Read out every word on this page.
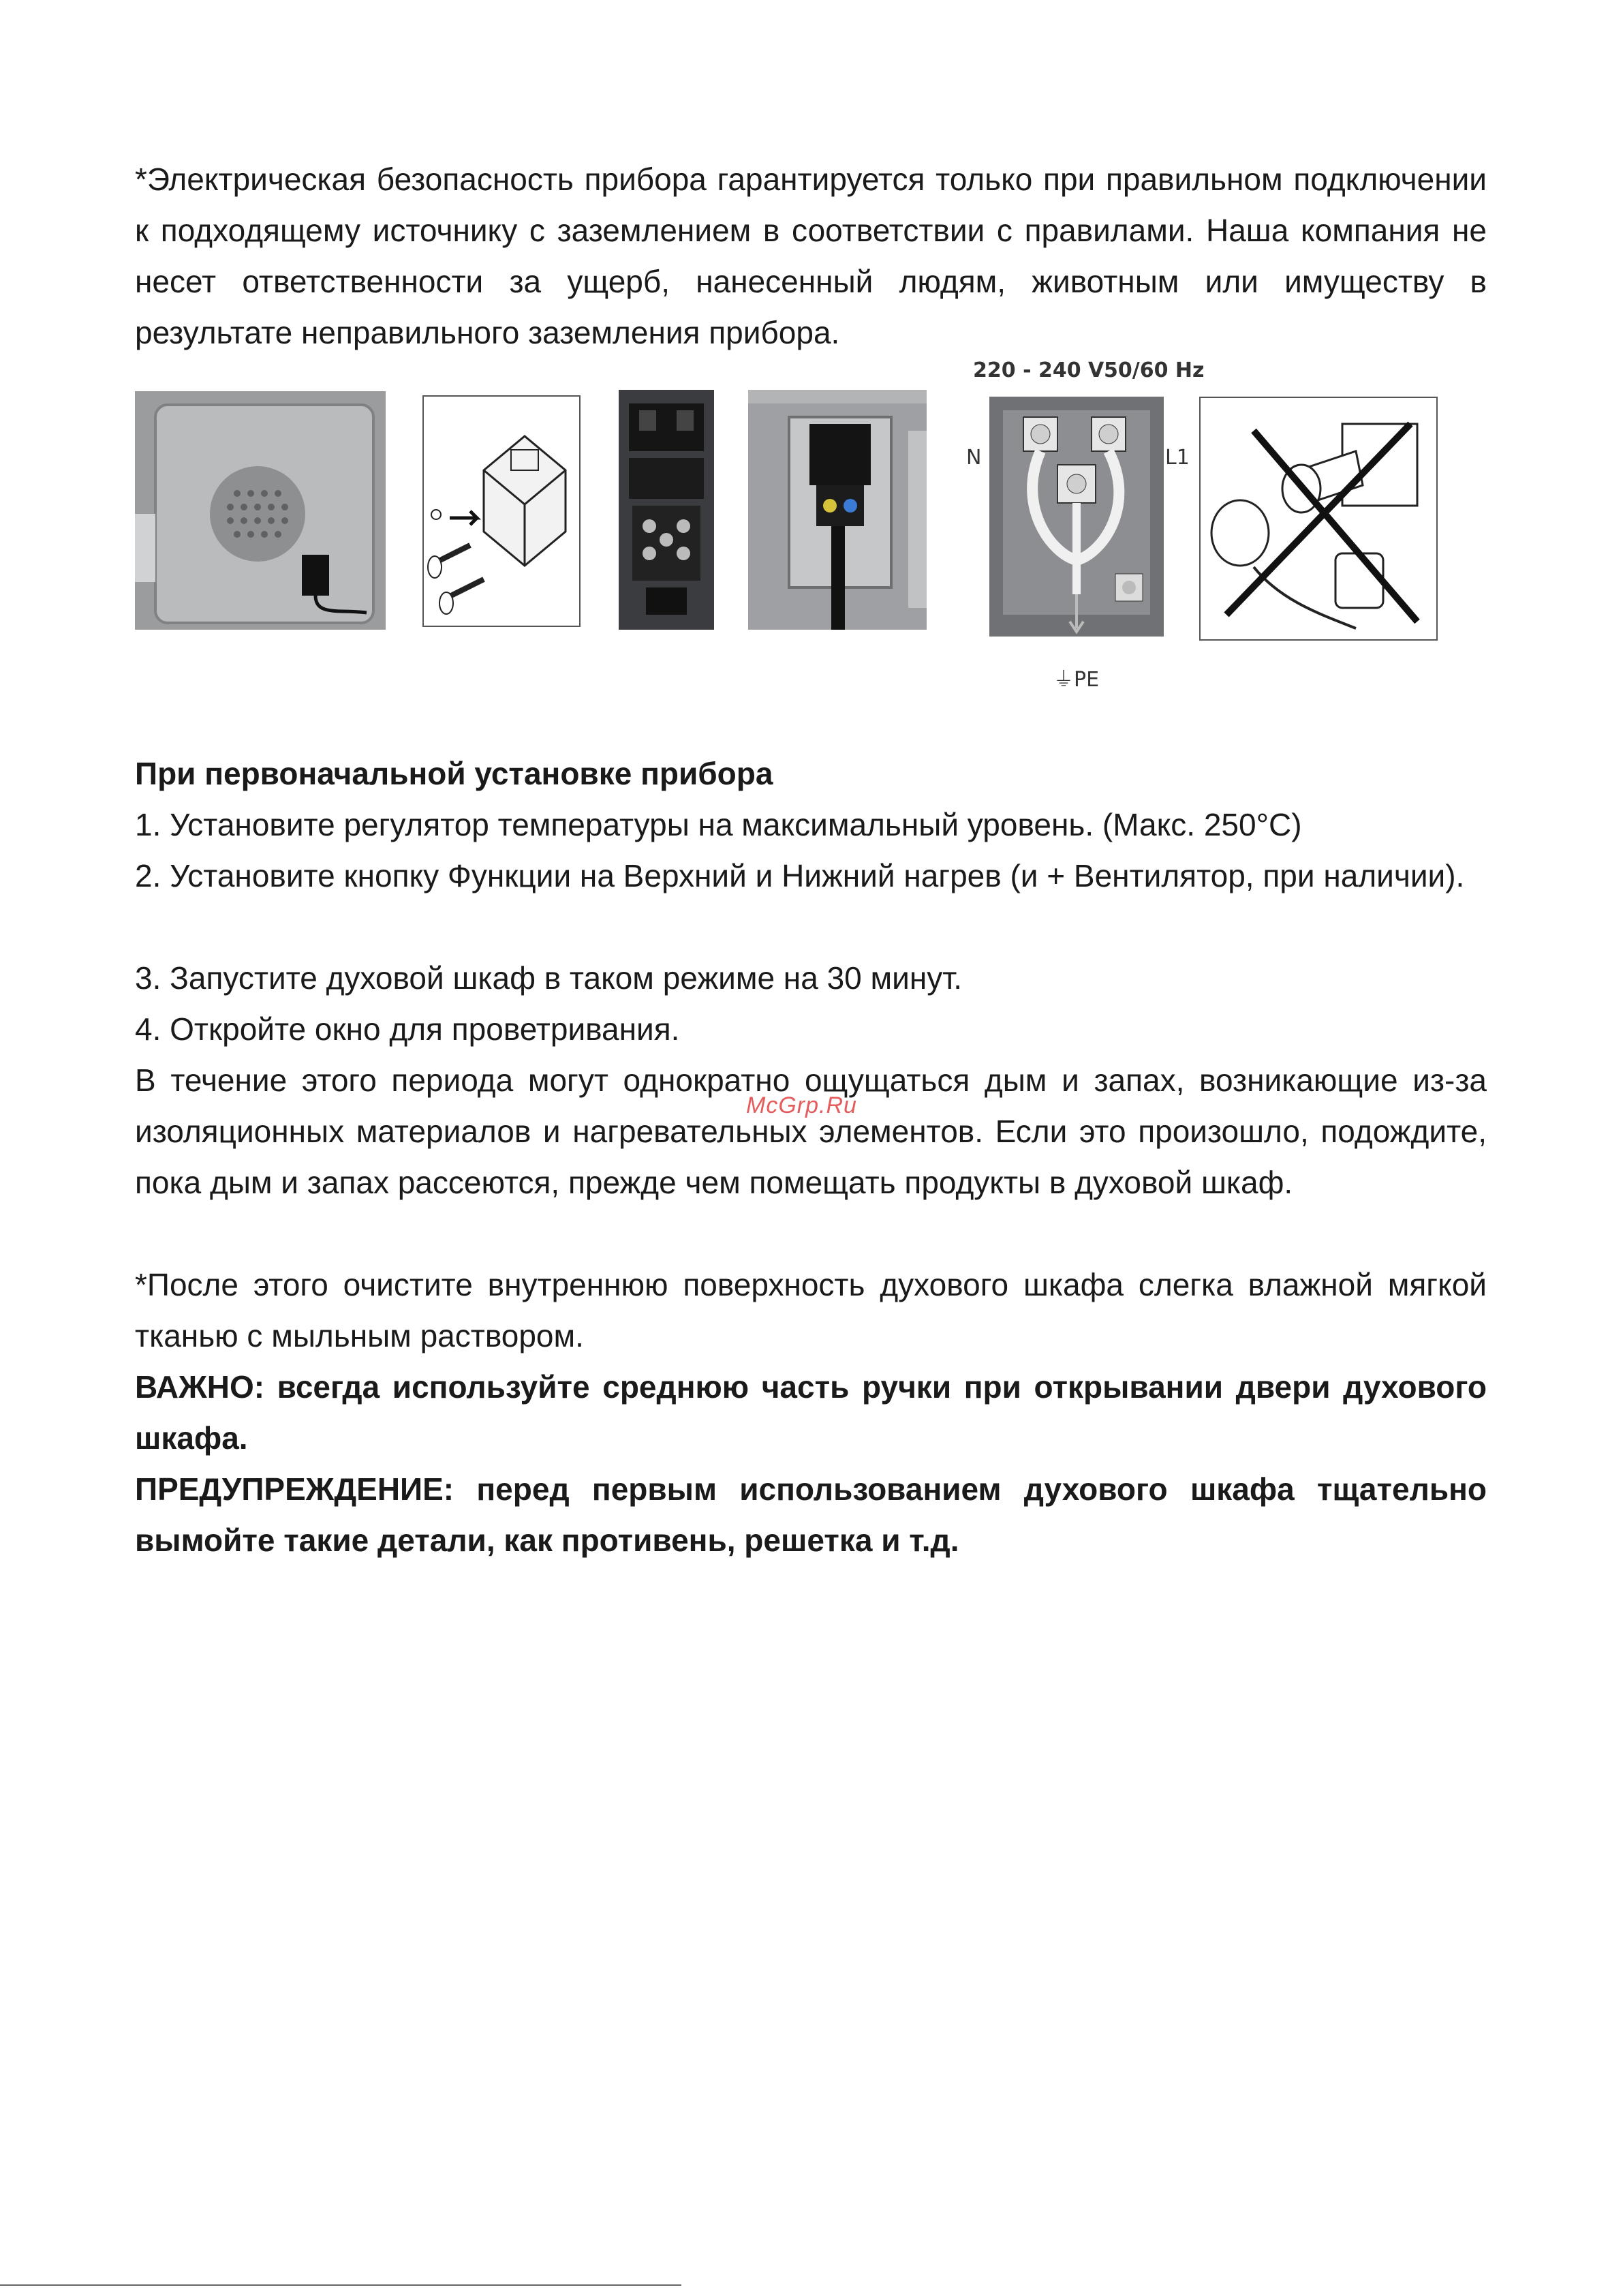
*Электрическая безопасность прибора гарантируется только при правильном подключении к подходящему источнику с заземлением в соответствии с правилами. Наша компания не несет ответственности за ущерб, нанесенный людям, животным или имуществу в результате неправильного заземления прибора.

220 - 240 V 50/60 Hz
N	L1
⏚PE
McGrp.Ru
При первоначальной установке прибора
1. Установите регулятор температуры на максимальный уровень. (Макс. 250°C)

2. Установите кнопку Функции на Верхний и Нижний нагрев (и + Вентилятор, при наличии).

3. Запустите духовой шкаф в таком режиме на 30 минут.
4. Откройте окно для проветривания.

В течение этого периода могут однократно ощущаться дым и запах, возникающие из-за изоляционных материалов и нагревательных элементов. Если это произошло, подождите, пока дым и запах рассеются, прежде чем помещать продукты в духовой шкаф.

*После этого очистите внутреннюю поверхность духового шкафа слегка влажной мягкой тканью с мыльным раствором.

ВАЖНО: всегда используйте среднюю часть ручки при открывании двери духового шкафа.

ПРЕДУПРЕЖДЕНИЕ: перед первым использованием духового шкафа тщательно вымойте такие детали, как противень, решетка и т.д.
